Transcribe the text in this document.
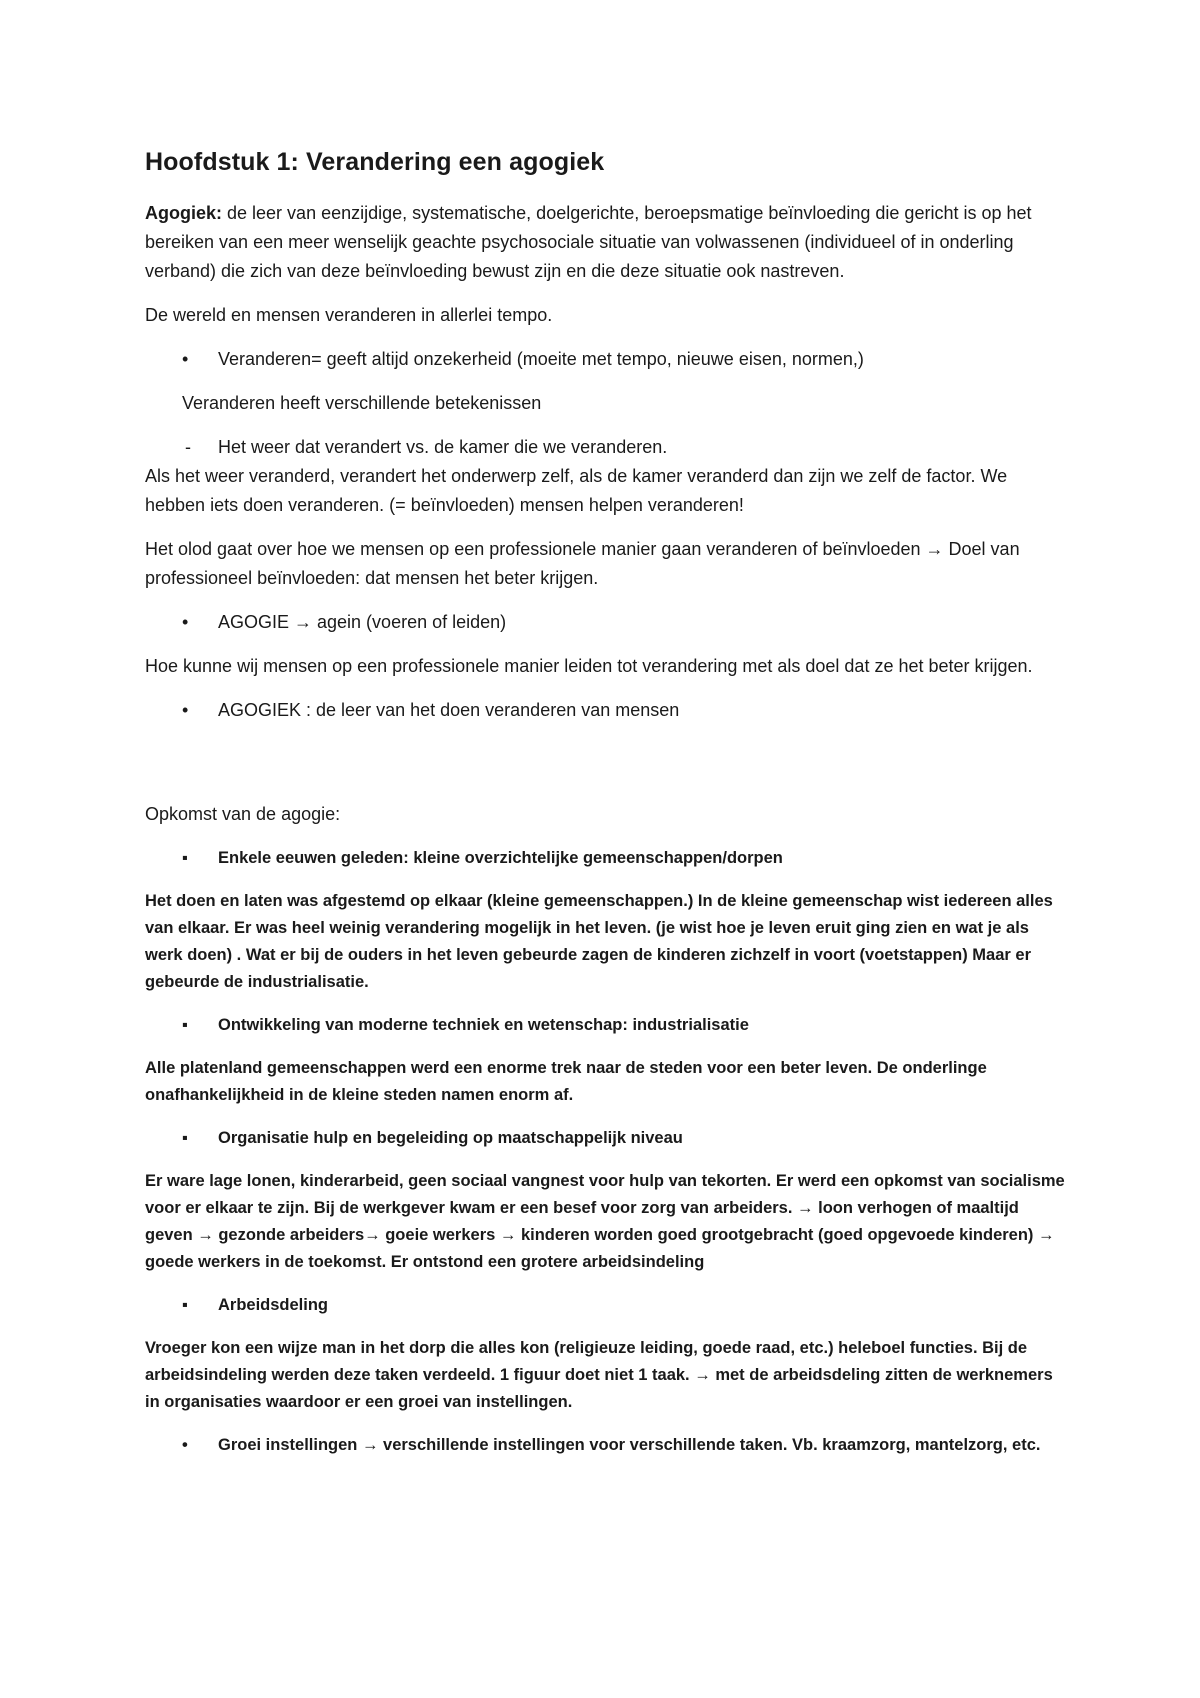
Hoofdstuk 1: Verandering een agogiek

Agogiek: de leer van eenzijdige, systematische, doelgerichte, beroepsmatige beïnvloeding die gericht is op het bereiken van een meer wenselijk geachte psychosociale situatie van volwassenen (individueel of in onderling verband) die zich van deze beïnvloeding bewust zijn en die deze situatie ook nastreven.

De wereld en mensen veranderen in allerlei tempo.

• Veranderen= geeft altijd onzekerheid (moeite met tempo, nieuwe eisen, normen,)

Veranderen heeft verschillende betekenissen

- Het weer dat verandert vs. de kamer die we veranderen.

Als het weer veranderd, verandert het onderwerp zelf, als de kamer veranderd dan zijn we zelf de factor. We hebben iets doen veranderen. (= beïnvloeden) mensen helpen veranderen!

Het olod gaat over hoe we mensen op een professionele manier gaan veranderen of beïnvloeden → Doel van professioneel beïnvloeden: dat mensen het beter krijgen.

• AGOGIE → agein (voeren of leiden)

Hoe kunne wij mensen op een professionele manier leiden tot verandering met als doel dat ze het beter krijgen.

• AGOGIEK : de leer van het doen veranderen van mensen

Opkomst van de agogie:

▪ Enkele eeuwen geleden: kleine overzichtelijke gemeenschappen/dorpen

Het doen en laten was afgestemd op elkaar (kleine gemeenschappen.) In de kleine gemeenschap wist iedereen alles van elkaar. Er was heel weinig verandering mogelijk in het leven. (je wist hoe je leven eruit ging zien en wat je als werk doen) . Wat er bij de ouders in het leven gebeurde zagen de kinderen zichzelf in voort (voetstappen) Maar er gebeurde de industrialisatie.

▪ Ontwikkeling van moderne techniek en wetenschap: industrialisatie

Alle platenland gemeenschappen werd een enorme trek naar de steden voor een beter leven. De onderlinge onafhankelijkheid in de kleine steden namen enorm af.

▪ Organisatie hulp en begeleiding op maatschappelijk niveau

Er ware lage lonen, kinderarbeid, geen sociaal vangnest voor hulp van tekorten. Er werd een opkomst van socialisme voor er elkaar te zijn. Bij de werkgever kwam er een besef voor zorg van arbeiders. → loon verhogen of maaltijd geven → gezonde arbeiders→ goeie werkers → kinderen worden goed grootgebracht (goed opgevoede kinderen) → goede werkers in de toekomst. Er ontstond een grotere arbeidsindeling

▪ Arbeidsdeling

Vroeger kon een wijze man in het dorp die alles kon (religieuze leiding, goede raad, etc.) heleboel functies. Bij de arbeidsindeling werden deze taken verdeeld. 1 figuur doet niet 1 taak. → met de arbeidsdeling zitten de werknemers in organisaties waardoor er een groei van instellingen.

• Groei instellingen → verschillende instellingen voor verschillende taken. Vb. kraamzorg, mantelzorg, etc.
